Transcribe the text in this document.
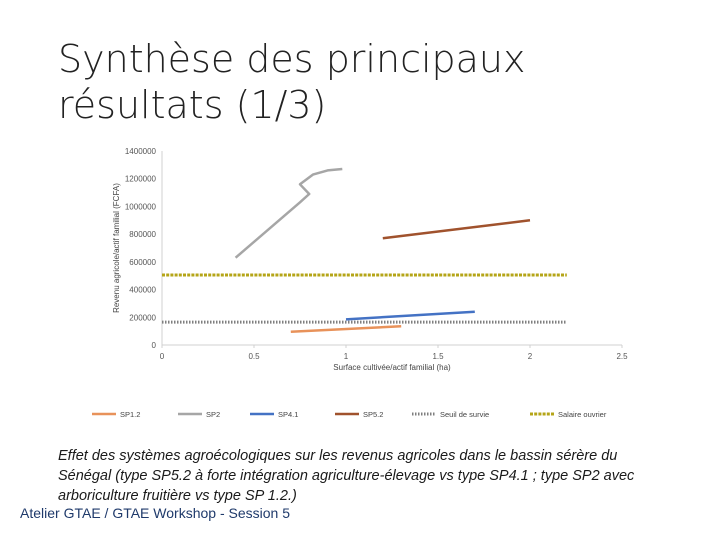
Synthèse des principaux résultats (1/3)
Revenu agricole/actif familial (FCFA)
0
200000
400000
600000
800000
1000000
1200000
1400000
0	0.5	1	1.5	2	2.5
Surface cultivée/actif familial (ha)
SP1.2	SP2	SP4.1	SP5.2	Seuil de survie	Salaire ouvrier

Effet des systèmes agroécologiques sur les revenus agricoles dans le bassin sérère du Sénégal (type SP5.2 à forte intégration agriculture-élevage vs type SP4.1 ; type SP2 avec arboriculture fruitière vs type SP 1.2.)

Atelier GTAE / GTAE Workshop - Session 5
